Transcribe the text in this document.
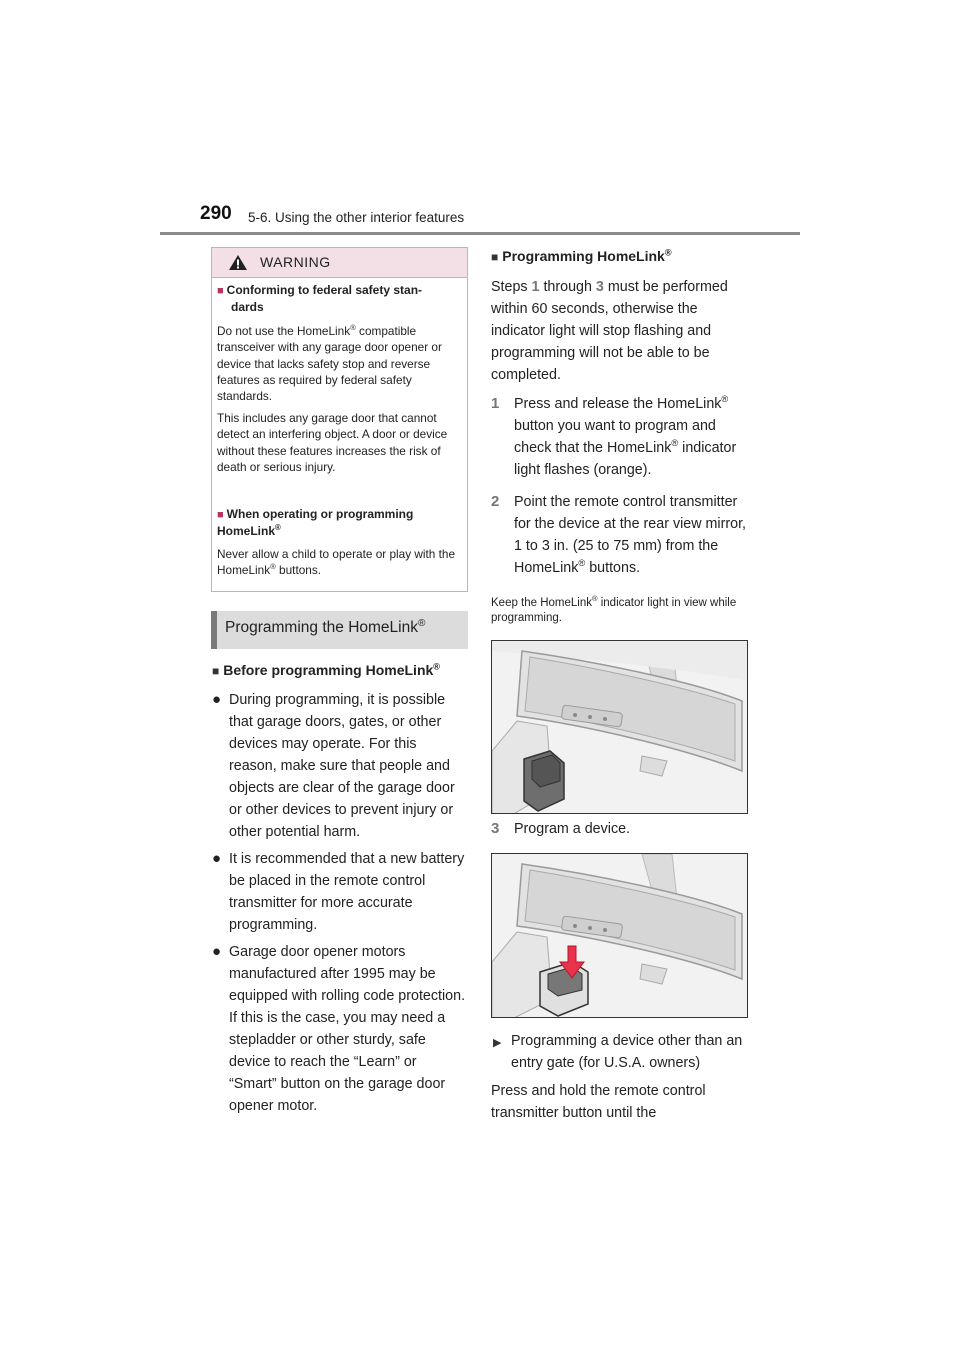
290 5-6. Using the other interior features
WARNING
■ Conforming to federal safety stan-
dards
Do not use the HomeLink® compatible transceiver with any garage door opener or device that lacks safety stop and reverse features as required by federal safety standards.
This includes any garage door that cannot detect an interfering object. A door or device without these features increases the risk of death or serious injury.
■ When operating or programming HomeLink®
Never allow a child to operate or play with the HomeLink® buttons.
Programming the HomeLink®
■ Before programming HomeLink®
● During programming, it is possible that garage doors, gates, or other devices may operate. For this reason, make sure that people and objects are clear of the garage door or other devices to prevent injury or other potential harm.
● It is recommended that a new battery be placed in the remote control transmitter for more accurate programming.
● Garage door opener motors manufactured after 1995 may be equipped with rolling code protection. If this is the case, you may need a stepladder or other sturdy, safe device to reach the “Learn” or “Smart” button on the garage door opener motor.
■ Programming HomeLink®
Steps 1 through 3 must be performed within 60 seconds, otherwise the indicator light will stop flashing and programming will not be able to be completed.
1 Press and release the HomeLink® button you want to program and check that the HomeLink® indicator light flashes (orange).
2 Point the remote control transmitter for the device at the rear view mirror, 1 to 3 in. (25 to 75 mm) from the HomeLink® buttons.
Keep the HomeLink® indicator light in view while programming.
3 Program a device.
▶ Programming a device other than an entry gate (for U.S.A. owners)
Press and hold the remote control transmitter button until the
